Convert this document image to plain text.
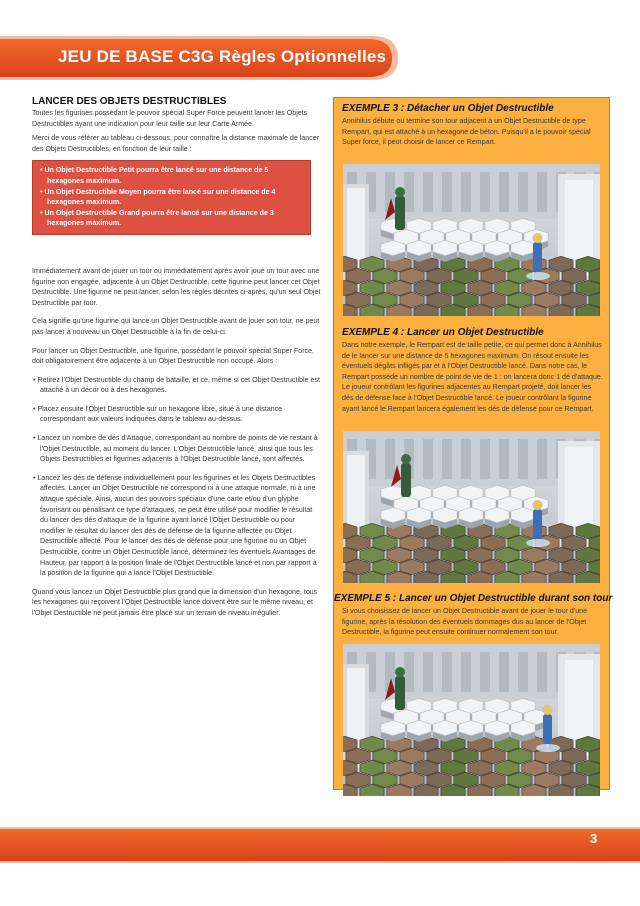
JEU DE BASE C3G Règles Optionnelles
LANCER DES OBJETS DESTRUCTIBLES

Toutes les figurines possédant le pouvoir spécial Super Force peuvent lancer les Objets Destructibles ayant une indication pour leur taille sur leur Carte Armée.

Merci de vous référer au tableau ci-dessous, pour connaître la distance maximale de lancer des Objets Destructibles, en fonction de leur taille :

• Un Objet Destructible Petit pourra être lancé sur une distance de 5 hexagones maximum.
• Un Objet Destructible Moyen pourra être lancé sur une distance de 4 hexagones maximum.
• Un Objet Destructible Grand pourra être lancé sur une distance de 3 hexagones maximum.

Immédiatement avant de jouer un tour ou immédiatement après avoir joué un tour avec une figurine non engagée, adjacente à un Objet Destructible, cette figurine peut lancer cet Objet Destructible. Une figurine ne peut lancer, selon les règles décrites ci-après, qu'un seul Objet Destructible par tour.

Cela signifie qu'une figurine qui lance un Objet Destructible avant de jouer son tour, ne peut pas lancer à nouveau un Objet Destructible à la fin de celui-ci.

Pour lancer un Objet Destructible, une figurine, possédant le pouvoir spécial Super Force, doit obligatoirement être adjacente à un Objet Destructible non occupé. Alors :

• Retirez l'Objet Destructible du champ de bataille, et ce, même si cet Objet Destructible est attaché à un décor ou à des hexagones.

• Placez ensuite l'Objet Destructible sur un hexagone libre, situé à une distance correspondant aux valeurs indiquées dans le tableau au-dessus.

• Lancez un nombre de dés d'Attaque, correspondant au nombre de points de vie restant à l'Objet Destructible, au moment du lancer. L'Objet Destructible lancé, ainsi que tous les Objets Destructibles et figurines adjacents à l'Objet Destructible lancé, sont affectés.

• Lancez les dés de défense individuellement pour les figurines et les Objets Destructibles affectés. Lancer un Objet Destructible ne correspond ni à une attaque normale, ni à une attaque spéciale. Ainsi, aucun des pouvoirs spéciaux d'une carte et/ou d'un glyphe favorisant ou pénalisant ce type d'attaques, ne peut être utilisé pour modifier le résultat du lancer des dés d'attaque de la figurine ayant lancé l'Objet Destructible ou pour modifier le résultat du lancer des dés de défense de la figurine affectée ou Objet Destructible affecté. Pour le lancer des dés de défense pour une figurine ou un Objet Destructible, contre un Objet Destructible lancé, déterminez les éventuels Avantages de Hauteur, par rapport à la position finale de l'Objet Destructible lancé et non par rapport à la position de la figurine qui a lancé l'Objet Destructible.

Quand vous lancez un Objet Destructible plus grand que la dimension d'un hexagone, tous les hexagones qui reçoivent l'Objet Destructible lancé doivent être sur le même niveau, et l'Objet Destructible ne peut jamais être placé sur un terrain de niveau irrégulier.

EXEMPLE 3 : Détacher un Objet Destructible
Annihilus débute ou termine son tour adjacent à un Objet Destructible de type Rempart, qui est attaché à un hexagone de béton. Puisqu'il a le pouvoir spécial Super force, il peut choisir de lancer ce Rempart.
EXEMPLE 4 : Lancer un Objet Destructible
Dans notre exemple, le Rempart est de taille petite, ce qui permet donc à Annihilus de le lancer sur une distance de 5 hexagones maximum. On résout ensuite les éventuels dégâts infligés par et à l'Objet Destructible lancé. Dans notre cas, le Rempart possède un nombre de point de vie de 1 : on lancera donc 1 dé d'attaque. Le joueur contrôlant les figurines adjacentes au Rempart projeté, doit lancer les dés de défense face à l'Objet Destructible lancé. Le joueur contrôlant la figurine ayant lancé le Rempart lancera également les dés de défense pour ce Rempart.
EXEMPLE 5 : Lancer un Objet Destructible durant son tour
Si vous choisissez de lancer un Objet Destructible avant de jouer le tour d'une figurine, après la résolution des éventuels dommages dus au lancer de l'Objet Destructible, la figurine peut ensuite continuer normalement son tour.
3
